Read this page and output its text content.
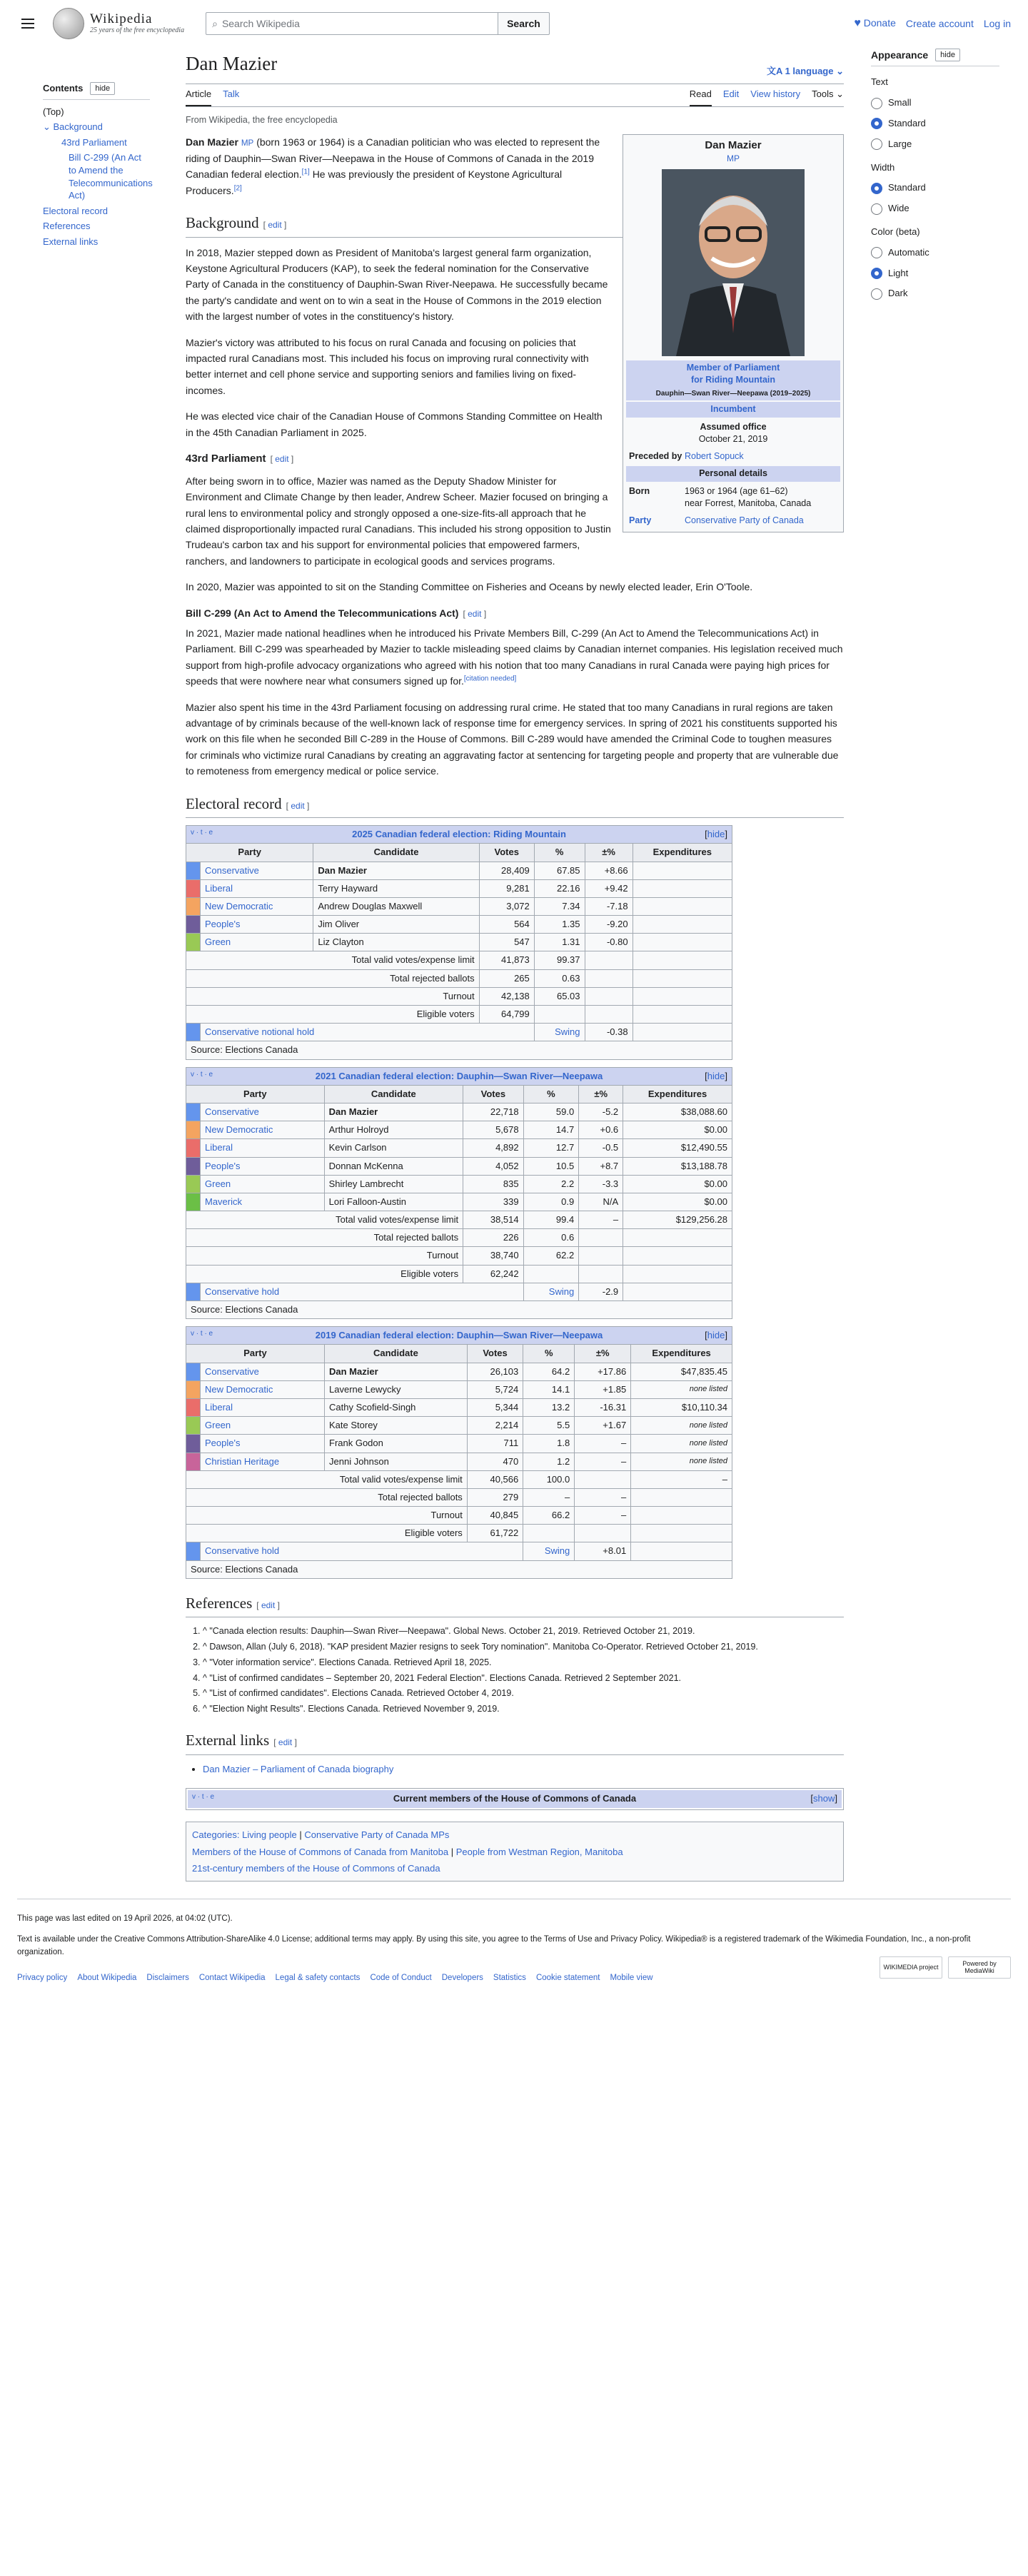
Wikipedia
25 years of the free encyclopedia
⌕ Search Wikipedia	Search	♥ Donate Create account Log in
Contents	hide
(Top)
⌄ Background
43rd Parliament
Bill C-299 (An Act to Amend the Telecommunications Act)
Electoral record
References
External links
Dan Mazier	文A 1 language ⌄
Article Talk	Read Edit View history Tools ⌄
From Wikipedia, the free encyclopedia
Dan Mazier
MP
Member of Parliament
for Riding Mountain
Dauphin—Swan River—Neepawa (2019–2025)
Incumbent
Assumed office
October 21, 2019
Preceded by Robert Sopuck
Personal details
Born	1963 or 1964 (age 61–62)
near Forrest, Manitoba, Canada
Party	Conservative Party of Canada

Dan Mazier MP (born 1963 or 1964) is a Canadian politician who was elected to represent the riding of Dauphin—Swan River—Neepawa in the House of Commons of Canada in the 2019 Canadian federal election.[1] He was previously the president of Keystone Agricultural Producers.[2]

Background [ edit ]

In 2018, Mazier stepped down as President of Manitoba's largest general farm organization, Keystone Agricultural Producers (KAP), to seek the federal nomination for the Conservative Party of Canada in the constituency of Dauphin-Swan River-Neepawa. He successfully became the party's candidate and went on to win a seat in the House of Commons in the 2019 election with the largest number of votes in the constituency's history.

Mazier's victory was attributed to his focus on rural Canada and focusing on policies that impacted rural Canadians most. This included his focus on improving rural connectivity with better internet and cell phone service and supporting seniors and families living on fixed-incomes.

He was elected vice chair of the Canadian House of Commons Standing Committee on Health in the 45th Canadian Parliament in 2025.

43rd Parliament [ edit ]

After being sworn in to office, Mazier was named as the Deputy Shadow Minister for Environment and Climate Change by then leader, Andrew Scheer. Mazier focused on bringing a rural lens to environmental policy and strongly opposed a one-size-fits-all approach that he claimed disproportionally impacted rural Canadians. This included his strong opposition to Justin Trudeau's carbon tax and his support for environmental policies that empowered farmers, ranchers, and landowners to participate in ecological goods and services programs.

In 2020, Mazier was appointed to sit on the Standing Committee on Fisheries and Oceans by newly elected leader, Erin O'Toole.

Bill C-299 (An Act to Amend the Telecommunications Act) [ edit ]

In 2021, Mazier made national headlines when he introduced his Private Members Bill, C-299 (An Act to Amend the Telecommunications Act) in Parliament. Bill C-299 was spearheaded by Mazier to tackle misleading speed claims by Canadian internet companies. His legislation received much support from high-profile advocacy organizations who agreed with his notion that too many Canadians in rural Canada were paying high prices for speeds that were nowhere near what consumers signed up for.[citation needed]

Mazier also spent his time in the 43rd Parliament focusing on addressing rural crime. He stated that too many Canadians in rural regions are taken advantage of by criminals because of the well-known lack of response time for emergency services. In spring of 2021 his constituents supported his work on this file when he seconded Bill C-289 in the House of Commons. Bill C-289 would have amended the Criminal Code to toughen measures for criminals who victimize rural Canadians by creating an aggravating factor at sentencing for targeting people and property that are vulnerable due to remoteness from emergency medical or police service.

Electoral record [ edit ]
v · t · e 2025 Canadian federal election: Riding Mountain [hide]						

Party		Candidate	Votes	%	±%	Expenditures
	Conservative	Dan Mazier	28,409	67.85	+8.66	
	Liberal	Terry Hayward	9,281	22.16	+9.42	
	New Democratic	Andrew Douglas Maxwell	3,072	7.34	-7.18	
	People's	Jim Oliver	564	1.35	-9.20	
	Green	Liz Clayton	547	1.31	-0.80	
Total valid votes/expense limit			41,873	99.37		
Total rejected ballots			265	0.63		
Turnout			42,138	65.03		
Eligible voters			64,799			
	Conservative notional hold			Swing	-0.38	
Source: Elections Canada						
v · t · e 2021 Canadian federal election: Dauphin—Swan River—Neepawa [hide]						

Party		Candidate	Votes	%	±%	Expenditures
	Conservative	Dan Mazier	22,718	59.0	-5.2	$38,088.60
	New Democratic	Arthur Holroyd	5,678	14.7	+0.6	$0.00
	Liberal	Kevin Carlson	4,892	12.7	-0.5	$12,490.55
	People's	Donnan McKenna	4,052	10.5	+8.7	$13,188.78
	Green	Shirley Lambrecht	835	2.2	-3.3	$0.00
	Maverick	Lori Falloon-Austin	339	0.9	N/A	$0.00
Total valid votes/expense limit			38,514	99.4	–	$129,256.28
Total rejected ballots			226	0.6		
Turnout			38,740	62.2		
Eligible voters			62,242			
	Conservative hold			Swing	-2.9	
Source: Elections Canada						
v · t · e 2019 Canadian federal election: Dauphin—Swan River—Neepawa [hide]						

Party		Candidate	Votes	%	±%	Expenditures
	Conservative	Dan Mazier	26,103	64.2	+17.86	$47,835.45
	New Democratic	Laverne Lewycky	5,724	14.1	+1.85	none listed
	Liberal	Cathy Scofield-Singh	5,344	13.2	-16.31	$10,110.34
	Green	Kate Storey	2,214	5.5	+1.67	none listed
	People's	Frank Godon	711	1.8	–	none listed
	Christian Heritage	Jenni Johnson	470	1.2	–	none listed
Total valid votes/expense limit			40,566	100.0		–
Total rejected ballots			279	–	–	
Turnout			40,845	66.2	–	
Eligible voters			61,722			
	Conservative hold			Swing	+8.01	
Source: Elections Canada						
References [ edit ]
1. ^ "Canada election results: Dauphin—Swan River—Neepawa". Global News. October 21, 2019. Retrieved October 21, 2019.
2. ^ Dawson, Allan (July 6, 2018). "KAP president Mazier resigns to seek Tory nomination". Manitoba Co-Operator. Retrieved October 21, 2019.
3. ^ "Voter information service". Elections Canada. Retrieved April 18, 2025.
4. ^ "List of confirmed candidates – September 20, 2021 Federal Election". Elections Canada. Retrieved 2 September 2021.
5. ^ "List of confirmed candidates". Elections Canada. Retrieved October 4, 2019.
6. ^ "Election Night Results". Elections Canada. Retrieved November 9, 2019.
External links [ edit ]
• Dan Mazier – Parliament of Canada biography
v · t · e	Current members of the House of Commons of Canada	[show]
Categories: Living people | Conservative Party of Canada MPs
Members of the House of Commons of Canada from Manitoba | People from Westman Region, Manitoba
21st-century members of the House of Commons of Canada
Appearance	hide
Text
Small
Standard
Large
Width
Standard
Wide
Color (beta)
Automatic
Light
Dark
This page was last edited on 19 April 2026, at 04:02 (UTC).
Text is available under the Creative Commons Attribution-ShareAlike 4.0 License; additional terms may apply. By using this site, you agree to the Terms of Use and Privacy Policy. Wikipedia® is a registered trademark of the Wikimedia Foundation, Inc., a non-profit organization.
Privacy policy About Wikipedia Disclaimers Contact Wikipedia Legal & safety contacts Code of Conduct Developers Statistics Cookie statement Mobile view
WIKIMEDIA project	Powered by MediaWiki
